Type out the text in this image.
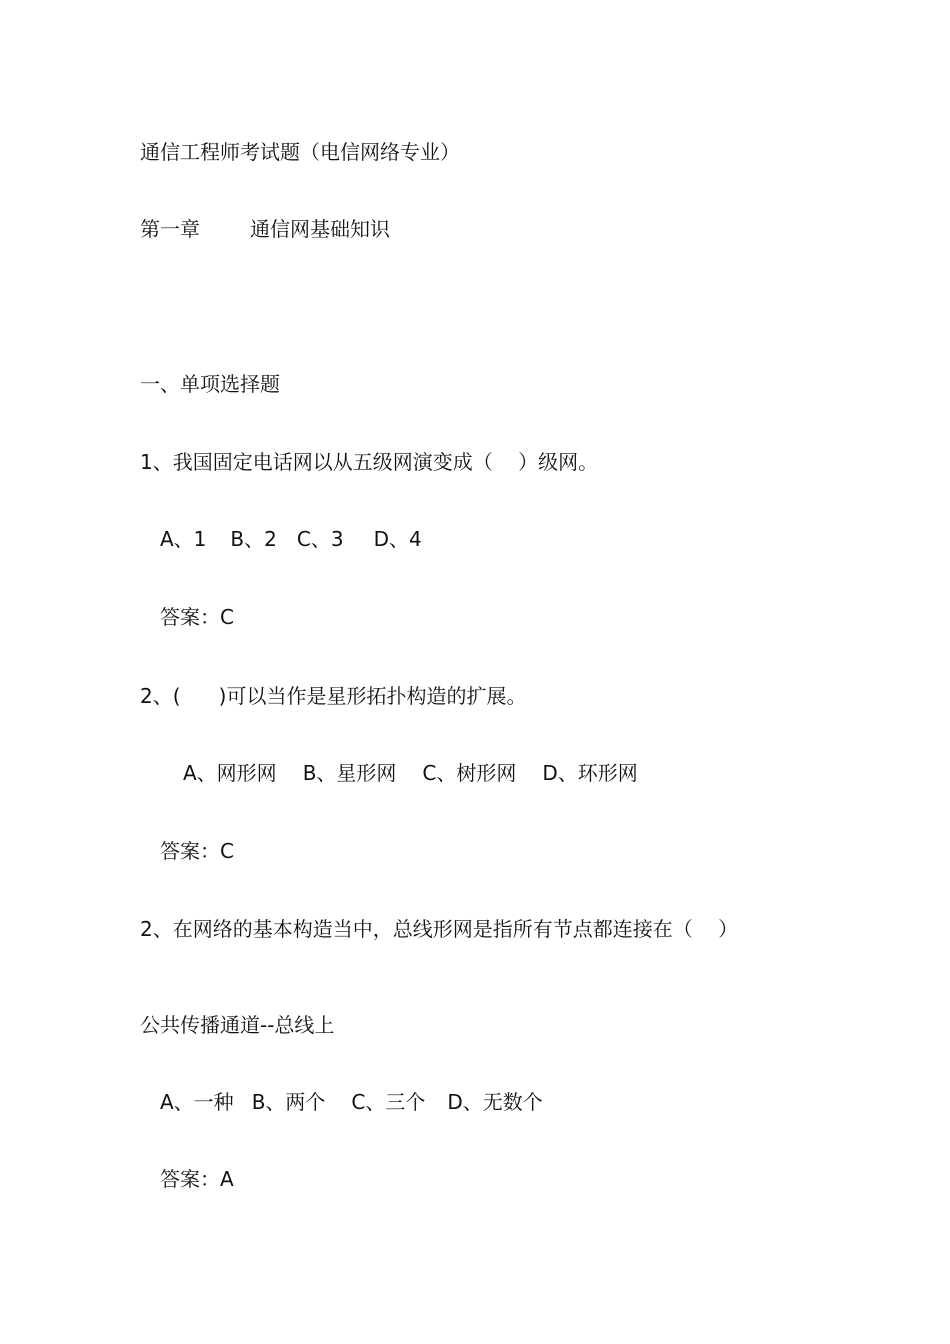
通信工程师考试题（电信网络专业）

第一章	通信网基础知识

一、单项选择题

1、我国固定电话网以从五级网演变成（    ）级网。

A、1 B、2 C、3 D、4

答案：C

2、(      )可以当作是星形拓扑构造的扩展。

A、网形网 B、星形网 C、树形网 D、环形网

答案：C

2、在网络的基本构造当中，总线形网是指所有节点都连接在（    ）

公共传播通道--总线上

A、一种 B、两个 C、三个 D、无数个

答案：A
